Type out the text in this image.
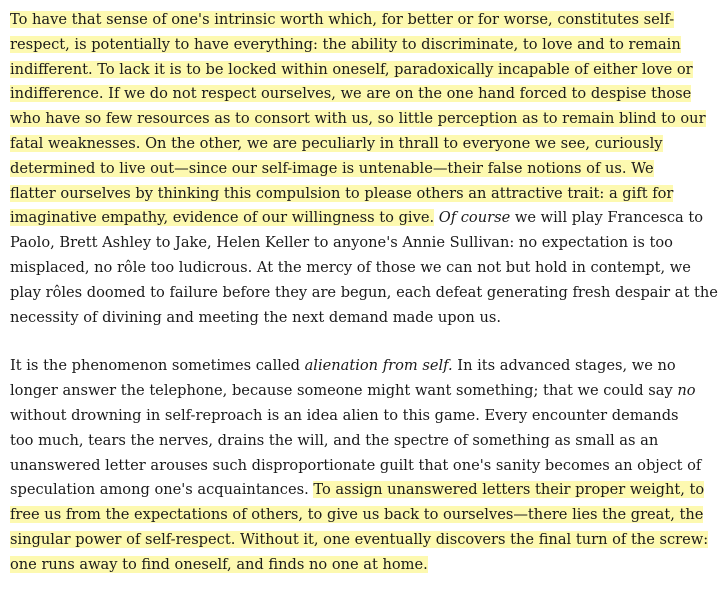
To have that sense of one's intrinsic worth which, for better or for worse, constitutes self-
respect, is potentially to have everything: the ability to discriminate, to love and to remain
indifferent. To lack it is to be locked within oneself, paradoxically incapable of either love or
indifference. If we do not respect ourselves, we are on the one hand forced to despise those
who have so few resources as to consort with us, so little perception as to remain blind to our
fatal weaknesses. On the other, we are peculiarly in thrall to everyone we see, curiously
determined to live out—since our self-image is untenable—their false notions of us. We
flatter ourselves by thinking this compulsion to please others an attractive trait: a gift for
imaginative empathy, evidence of our willingness to give. Of course we will play Francesca to
Paolo, Brett Ashley to Jake, Helen Keller to anyone's Annie Sullivan: no expectation is too
misplaced, no rôle too ludicrous. At the mercy of those we can not but hold in contempt, we
play rôles doomed to failure before they are begun, each defeat generating fresh despair at the
necessity of divining and meeting the next demand made upon us.
It is the phenomenon sometimes called alienation from self. In its advanced stages, we no
longer answer the telephone, because someone might want something; that we could say no
without drowning in self-reproach is an idea alien to this game. Every encounter demands
too much, tears the nerves, drains the will, and the spectre of something as small as an
unanswered letter arouses such disproportionate guilt that one's sanity becomes an object of
speculation among one's acquaintances. To assign unanswered letters their proper weight, to
free us from the expectations of others, to give us back to ourselves—there lies the great, the
singular power of self-respect. Without it, one eventually discovers the final turn of the screw:
one runs away to find oneself, and finds no one at home.
